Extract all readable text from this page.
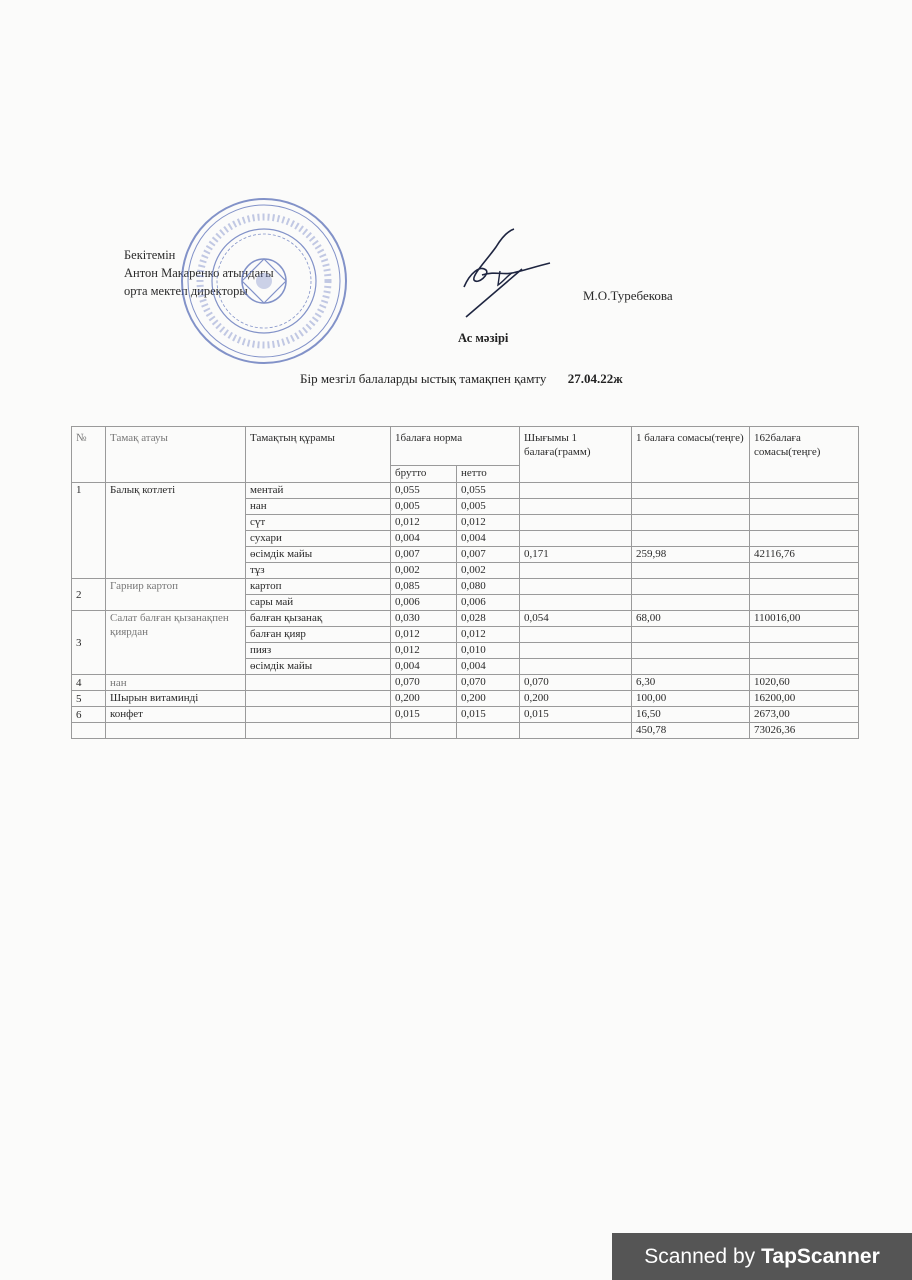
Бекітемін
Антон Макаренко атындағы
орта мектеп директоры	М.О.Туребекова
Ас мәзірі
Бір мезгіл балаларды ыстық тамақпен қамту 27.04.22ж
№	Тамақ атауы	Тамақтың құрамы	1балаға норма		Шығымы 1 балаға(грамм)	1 балаға сомасы(теңге)	162балаға сомасы(теңге)
			брутто	нетто			
1	Балық котлеті	ментай	0,055	0,055			
		нан	0,005	0,005			
		сүт	0,012	0,012			
		сухари	0,004	0,004			
		өсімдік майы	0,007	0,007	0,171	259,98	42116,76
		тұз	0,002	0,002			
2	Гарнир картоп	картоп	0,085	0,080			
		сары май	0,006	0,006			
3	Салат балған қызанақпен қиярдан	балған қызанақ	0,030	0,028	0,054	68,00	110016,00
		балған қияр	0,012	0,012			
		пияз	0,012	0,010			
		өсімдік майы	0,004	0,004			
4	нан		0,070	0,070	0,070	6,30	1020,60
5	Шырын витаминді		0,200	0,200	0,200	100,00	16200,00
6	конфет		0,015	0,015	0,015	16,50	2673,00
						450,78	73026,36
Scanned by TapScanner
